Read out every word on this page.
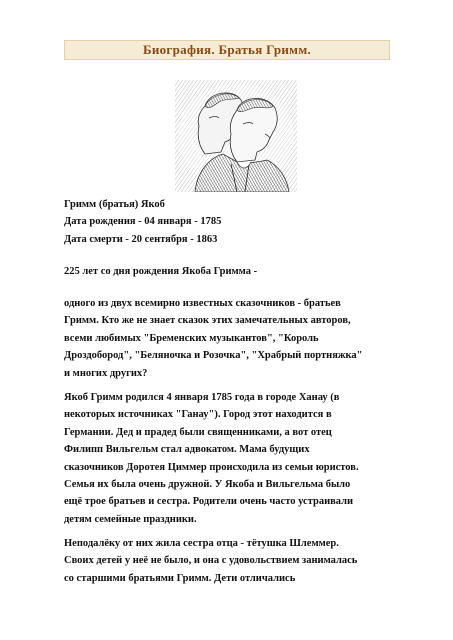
Биография. Братья Гримм.
Гримм (братья) Якоб
Дата рождения - 04 января - 1785
Дата смерти - 20 сентября - 1863
225 лет со дня рождения Якоба Гримма -
одного из двух всемирно известных сказочников - братьев
Гримм. Кто же не знает сказок этих замечательных авторов,
всеми любимых "Бременских музыкантов", "Король
Дроздобород", "Беляночка и Розочка", "Храбрый портняжка"
и многих других?
Якоб Гримм родился 4 января 1785 года в городе Ханау (в
некоторых источниках "Ганау"). Город этот находится в
Германии. Дед и прадед были священниками, а вот отец
Филипп Вильгельм стал адвокатом. Мама будущих
сказочников Доротея Циммер происходила из семьи юристов.
Семья их была очень дружной. У Якоба и Вильгельма было
ещё трое братьев и сестра. Родители очень часто устраивали
детям семейные праздники.
Неподалёку от них жила сестра отца - тётушка Шлеммер.
Своих детей у неё не было, и она с удовольствием занималась
со старшими братьями Гримм. Дети отличались
